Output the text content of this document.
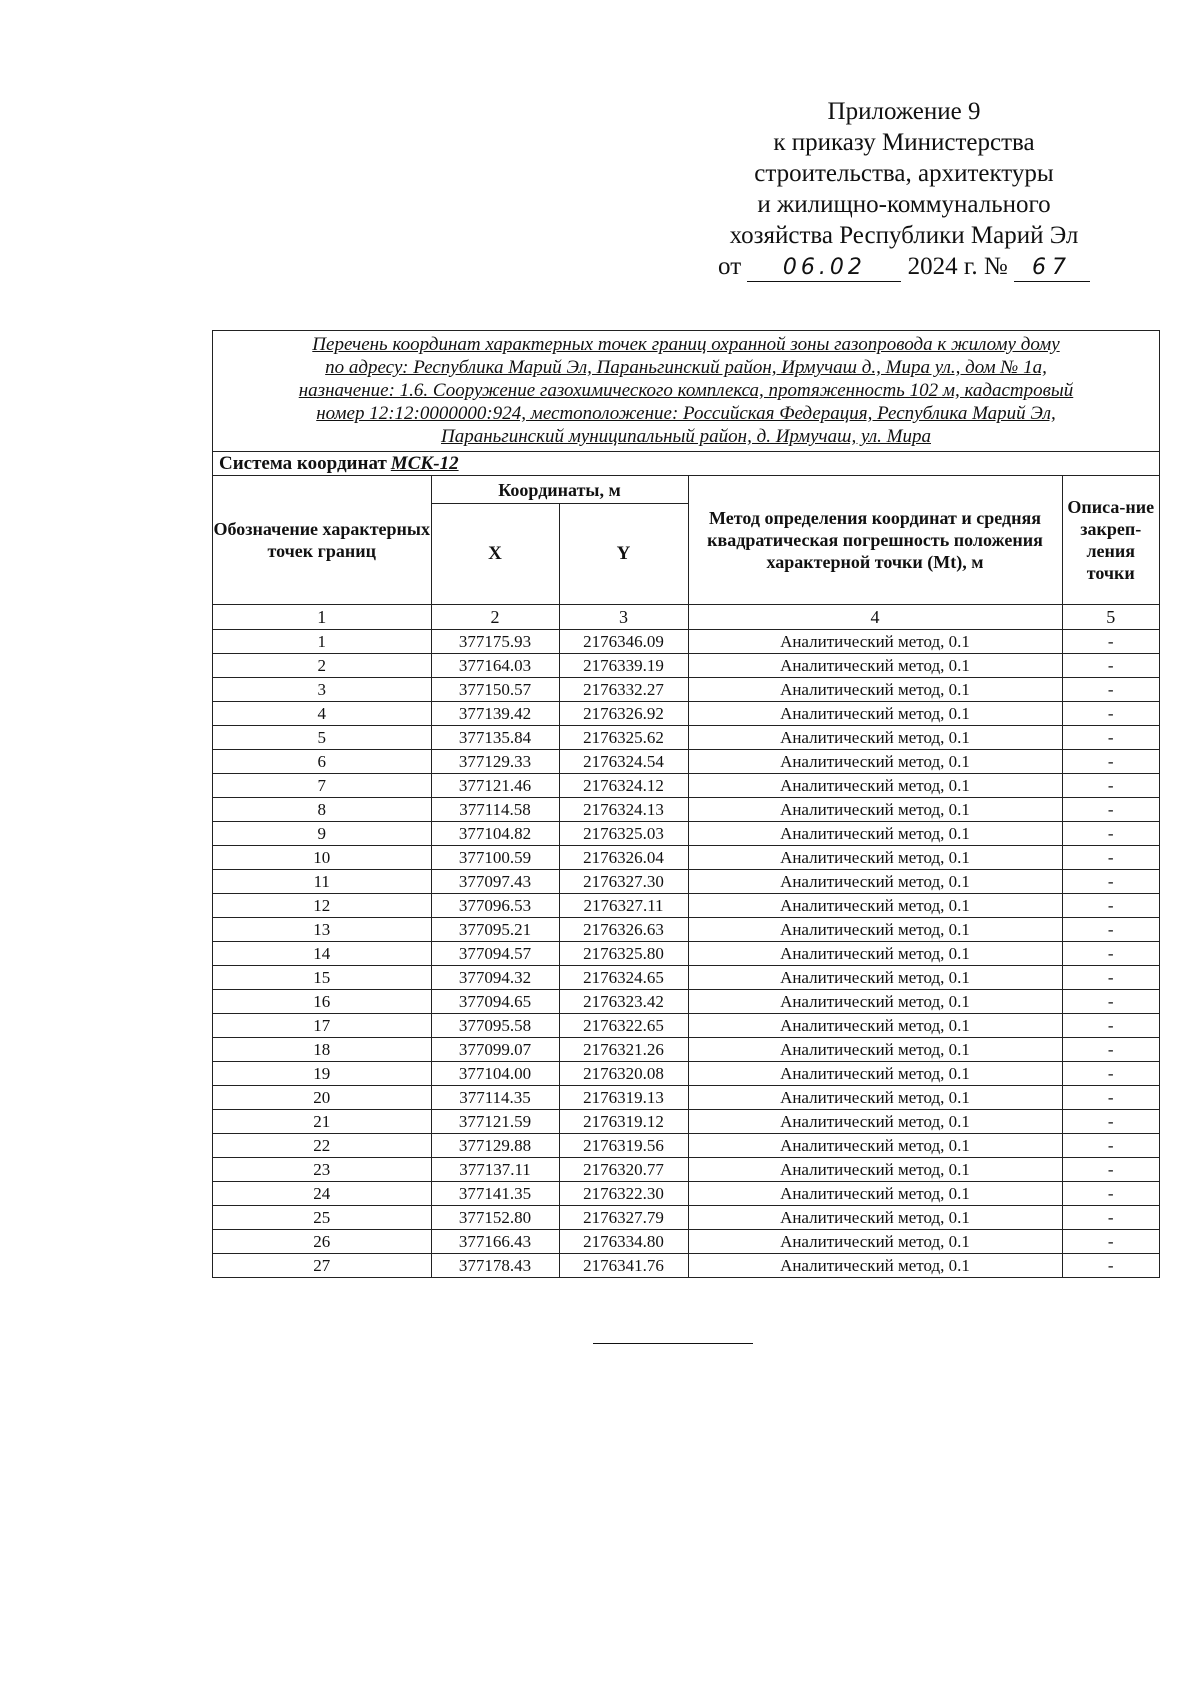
Приложение 9
к приказу Министерства
строительства, архитектуры
и жилищно-коммунального
хозяйства Республики Марий Эл
от 06.02 2024 г. № 67
Перечень координат характерных точек границ охранной зоны газопровода к жилому дому
по адресу: Республика Марий Эл, Параньгинский район, Ирмучаш д., Мира ул., дом № 1а,
назначение: 1.6. Сооружение газохимического комплекса, протяженность 102 м, кадастровый
номер 12:12:0000000:924, местоположение: Российская Федерация, Республика Марий Эл,
Параньгинский муниципальный район, д. Ирмучаш, ул. Мира
Система координат МСК-12
Обозначение характерных точек границ	Координаты, м		Метод определения координат и средняя квадратическая погрешность положения характерной точки (Mt), м	Описа-ние закреп-ления точки
	X	Y		
1	2	3	4	5
1	377175.93	2176346.09	Аналитический метод, 0.1	-
2	377164.03	2176339.19	Аналитический метод, 0.1	-
3	377150.57	2176332.27	Аналитический метод, 0.1	-
4	377139.42	2176326.92	Аналитический метод, 0.1	-
5	377135.84	2176325.62	Аналитический метод, 0.1	-
6	377129.33	2176324.54	Аналитический метод, 0.1	-
7	377121.46	2176324.12	Аналитический метод, 0.1	-
8	377114.58	2176324.13	Аналитический метод, 0.1	-
9	377104.82	2176325.03	Аналитический метод, 0.1	-
10	377100.59	2176326.04	Аналитический метод, 0.1	-
11	377097.43	2176327.30	Аналитический метод, 0.1	-
12	377096.53	2176327.11	Аналитический метод, 0.1	-
13	377095.21	2176326.63	Аналитический метод, 0.1	-
14	377094.57	2176325.80	Аналитический метод, 0.1	-
15	377094.32	2176324.65	Аналитический метод, 0.1	-
16	377094.65	2176323.42	Аналитический метод, 0.1	-
17	377095.58	2176322.65	Аналитический метод, 0.1	-
18	377099.07	2176321.26	Аналитический метод, 0.1	-
19	377104.00	2176320.08	Аналитический метод, 0.1	-
20	377114.35	2176319.13	Аналитический метод, 0.1	-
21	377121.59	2176319.12	Аналитический метод, 0.1	-
22	377129.88	2176319.56	Аналитический метод, 0.1	-
23	377137.11	2176320.77	Аналитический метод, 0.1	-
24	377141.35	2176322.30	Аналитический метод, 0.1	-
25	377152.80	2176327.79	Аналитический метод, 0.1	-
26	377166.43	2176334.80	Аналитический метод, 0.1	-
27	377178.43	2176341.76	Аналитический метод, 0.1	-
